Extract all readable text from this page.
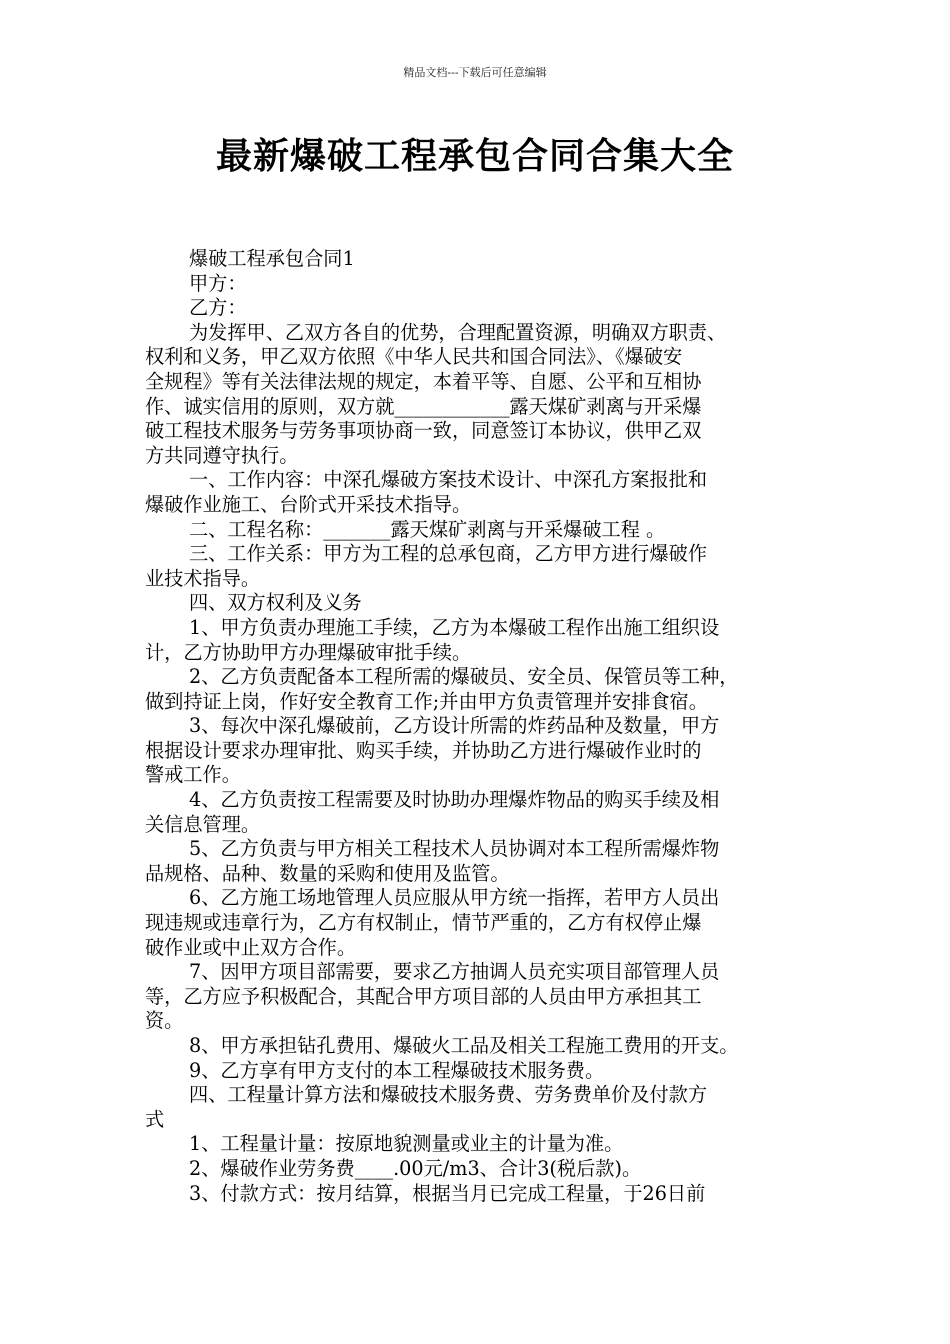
精品文档---下载后可任意编辑
最新爆破工程承包合同合集大全
爆破工程承包合同1
甲方：
乙方：
为发挥甲、乙双方各自的优势，合理配置资源，明确双方职责、
权利和义务，甲乙双方依照《中华人民共和国合同法》、《爆破安
全规程》等有关法律法规的规定，本着平等、自愿、公平和互相协
作、诚实信用的原则，双方就____________露天煤矿剥离与开采爆
破工程技术服务与劳务事项协商一致，同意签订本协议，供甲乙双
方共同遵守执行。
一、工作内容：中深孔爆破方案技术设计、中深孔方案报批和
爆破作业施工、台阶式开采技术指导。
二、工程名称：_______露天煤矿剥离与开采爆破工程 。
三、工作关系：甲方为工程的总承包商，乙方甲方进行爆破作
业技术指导。
四、双方权利及义务
1、甲方负责办理施工手续，乙方为本爆破工程作出施工组织设
计，乙方协助甲方办理爆破审批手续。
2、乙方负责配备本工程所需的爆破员、安全员、保管员等工种，
做到持证上岗，作好安全教育工作;并由甲方负责管理并安排食宿。
3、每次中深孔爆破前，乙方设计所需的炸药品种及数量，甲方
根据设计要求办理审批、购买手续，并协助乙方进行爆破作业时的
警戒工作。
4、乙方负责按工程需要及时协助办理爆炸物品的购买手续及相
关信息管理。
5、乙方负责与甲方相关工程技术人员协调对本工程所需爆炸物
品规格、品种、数量的采购和使用及监管。
6、乙方施工场地管理人员应服从甲方统一指挥，若甲方人员出
现违规或违章行为，乙方有权制止，情节严重的，乙方有权停止爆
破作业或中止双方合作。
7、因甲方项目部需要，要求乙方抽调人员充实项目部管理人员
等，乙方应予积极配合，其配合甲方项目部的人员由甲方承担其工
资。
8、甲方承担钻孔费用、爆破火工品及相关工程施工费用的开支。
9、乙方享有甲方支付的本工程爆破技术服务费。
四、工程量计算方法和爆破技术服务费、劳务费单价及付款方
式
1、工程量计量：按原地貌测量或业主的计量为准。
2、爆破作业劳务费____.00元/m3、合计3(税后款)。
3、付款方式：按月结算，根据当月已完成工程量，于26日前
